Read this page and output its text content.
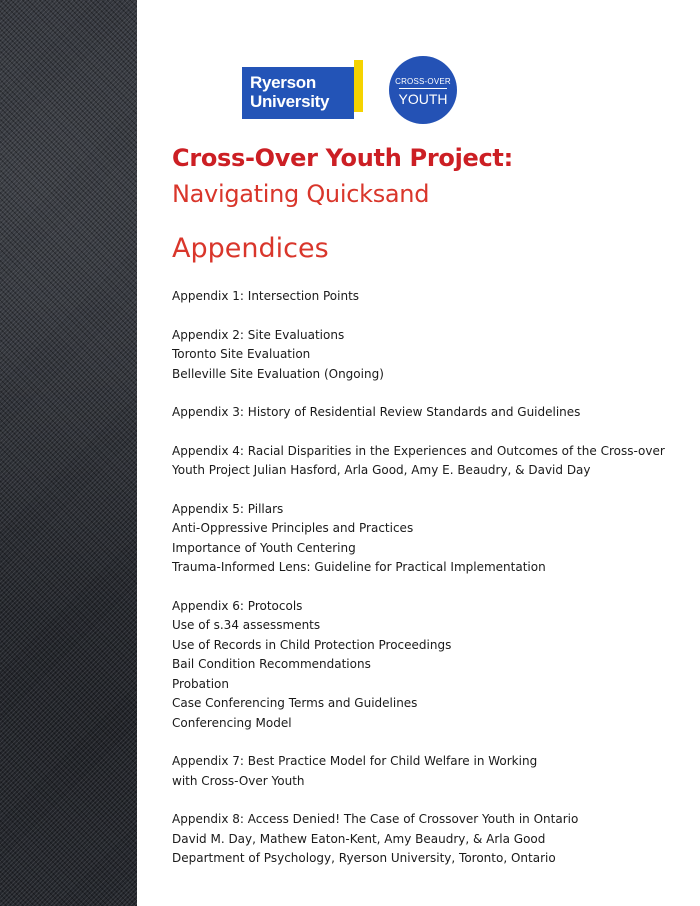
Ryerson
University
CROSS-OVER
YOUTH
Cross-Over Youth Project:
Navigating Quicksand
Appendices
Appendix 1: Intersection Points
Appendix 2: Site Evaluations
Toronto Site Evaluation
Belleville Site Evaluation (Ongoing)
Appendix 3: History of Residential Review Standards and Guidelines
Appendix 4: Racial Disparities in the Experiences and Outcomes of the Cross-over
Youth Project Julian Hasford, Arla Good, Amy E. Beaudry, & David Day
Appendix 5: Pillars
Anti-Oppressive Principles and Practices
Importance of Youth Centering
Trauma-Informed Lens: Guideline for Practical Implementation
Appendix 6: Protocols
Use of s.34 assessments
Use of Records in Child Protection Proceedings
Bail Condition Recommendations
Probation
Case Conferencing Terms and Guidelines
Conferencing Model
Appendix 7: Best Practice Model for Child Welfare in Working
with Cross-Over Youth
Appendix 8: Access Denied! The Case of Crossover Youth in Ontario
David M. Day, Mathew Eaton-Kent, Amy Beaudry, & Arla Good
Department of Psychology, Ryerson University, Toronto, Ontario
